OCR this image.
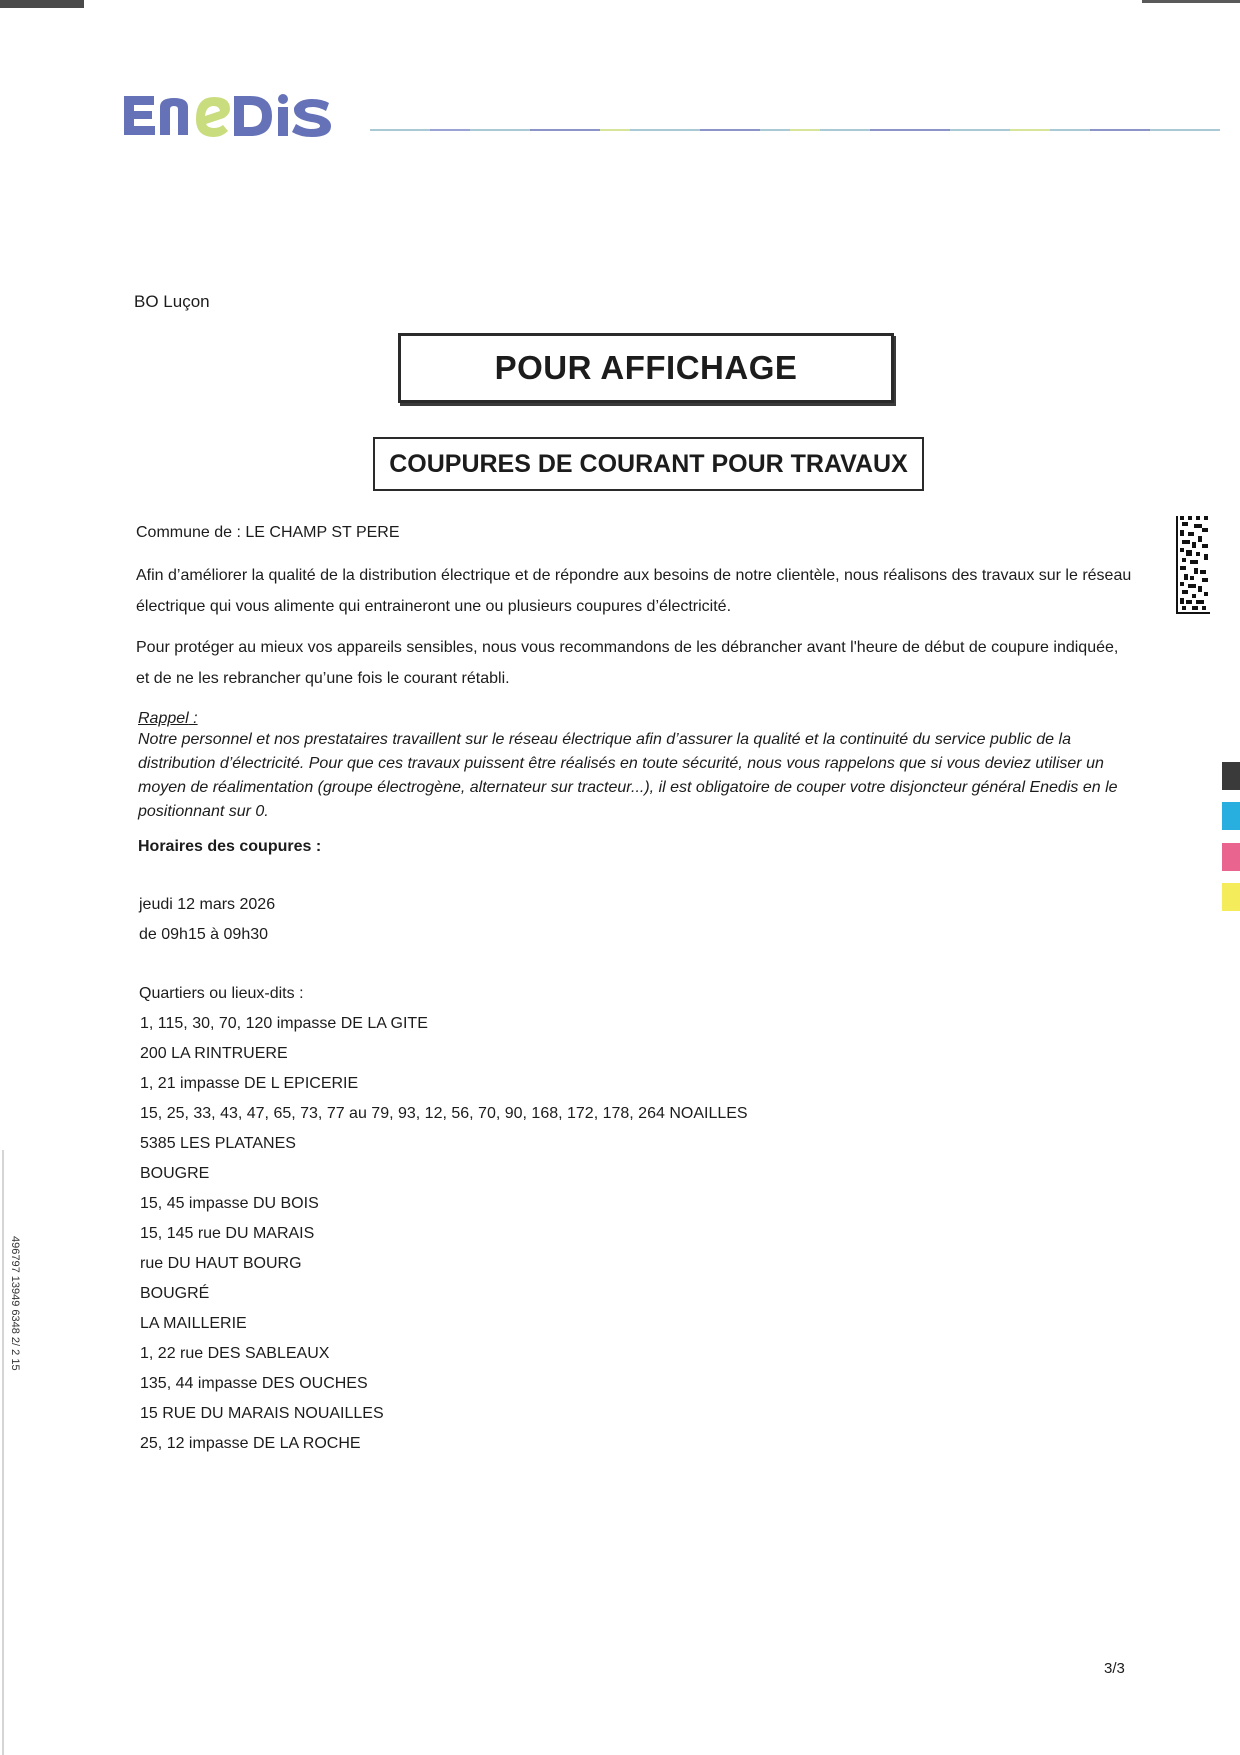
BO Luçon
POUR AFFICHAGE
COUPURES DE COURANT POUR TRAVAUX
Commune de : LE CHAMP ST PERE
Afin d’améliorer la qualité de la distribution électrique et de répondre aux besoins de notre clientèle, nous réalisons des travaux sur le réseau électrique qui vous alimente qui entraineront une ou plusieurs coupures d’électricité.
Pour protéger au mieux vos appareils sensibles, nous vous recommandons de les débrancher avant l'heure de début de coupure indiquée, et de ne les rebrancher qu’une fois le courant rétabli.
Rappel :
Notre personnel et nos prestataires travaillent sur le réseau électrique afin d’assurer la qualité et la continuité du service public de la distribution d’électricité. Pour que ces travaux puissent être réalisés en toute sécurité, nous vous rappelons que si vous deviez utiliser un moyen de réalimentation (groupe électrogène, alternateur sur tracteur...), il est obligatoire de couper votre disjoncteur général Enedis en le positionnant sur 0.
Horaires des coupures :
jeudi 12 mars 2026
de 09h15 à 09h30
Quartiers ou lieux-dits :
1, 115, 30, 70, 120 impasse DE LA GITE
200 LA RINTRUERE
1, 21 impasse DE L EPICERIE
15, 25, 33, 43, 47, 65, 73, 77 au 79, 93, 12, 56, 70, 90, 168, 172, 178, 264 NOAILLES
5385 LES PLATANES
BOUGRE
15, 45 impasse DU BOIS
15, 145 rue DU MARAIS
rue DU HAUT BOURG
BOUGRÉ
LA MAILLERIE
1, 22 rue DES SABLEAUX
135, 44 impasse DES OUCHES
15 RUE DU MARAIS NOUAILLES
25, 12 impasse DE LA ROCHE
496797 13949 6348 2/ 2 15
3/3
